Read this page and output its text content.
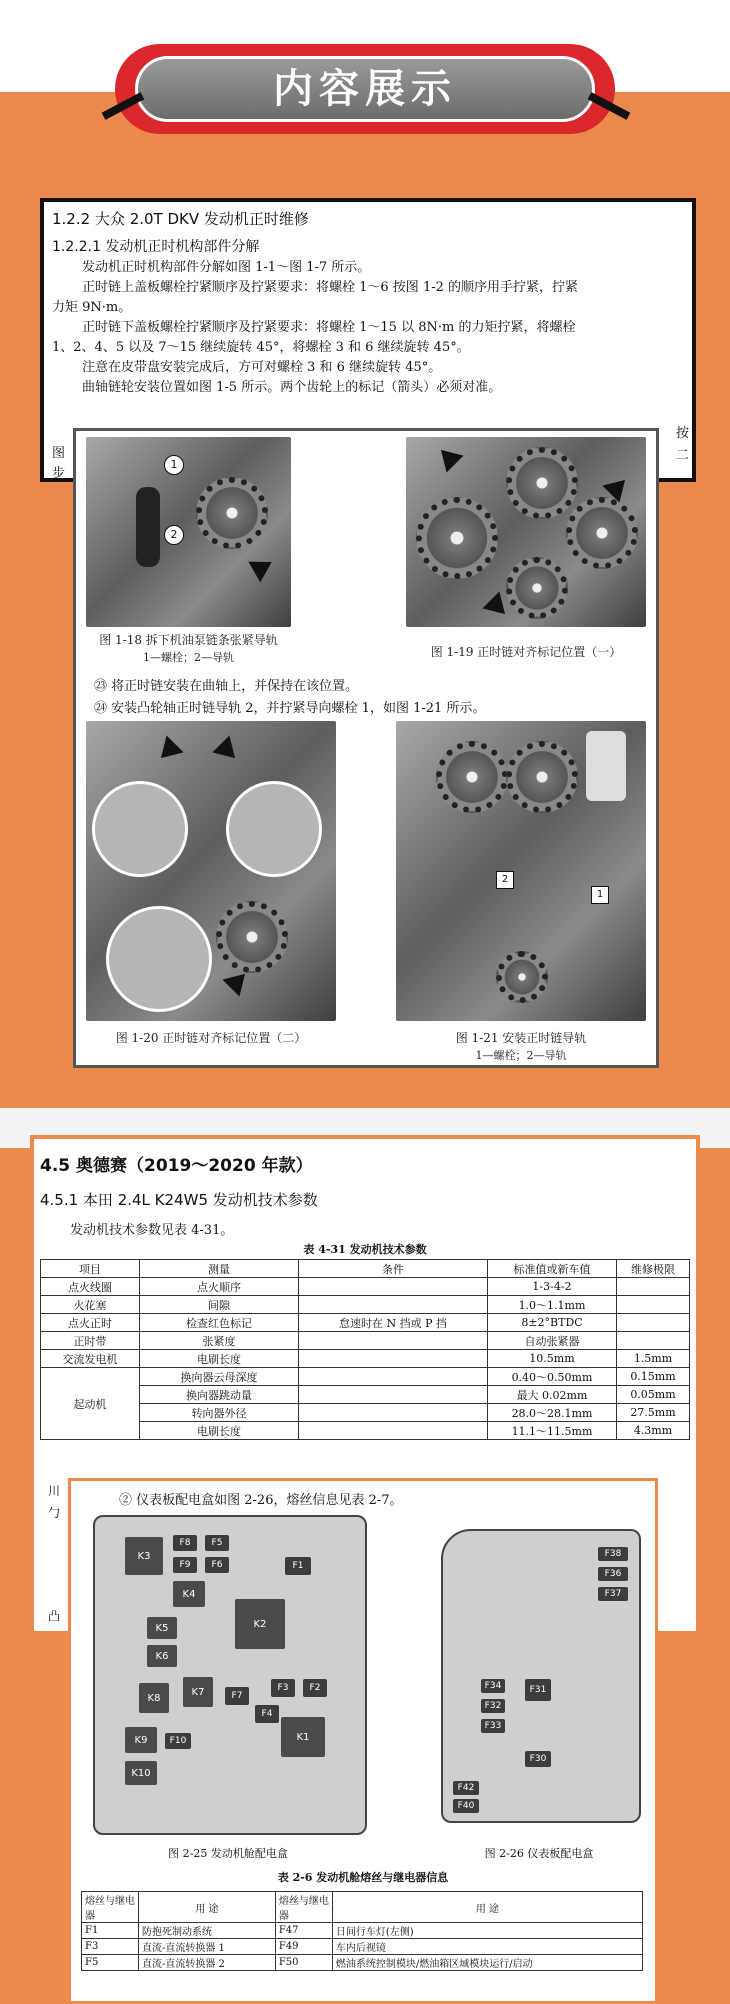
内容展示
1.2.2 大众 2.0T DKV 发动机正时维修
1.2.2.1 发动机正时机构部件分解

发动机正时机构部件分解如图 1-1～图 1-7 所示。

正时链上盖板螺栓拧紧顺序及拧紧要求：将螺栓 1～6 按图 1-2 的顺序用手拧紧，拧紧

力矩 9N·m。

正时链下盖板螺栓拧紧顺序及拧紧要求：将螺栓 1～15 以 8N·m 的力矩拧紧，将螺栓

1、2、4、5 以及 7～15 继续旋转 45°，将螺栓 3 和 6 继续旋转 45°。

注意在皮带盘安装完成后，方可对螺栓 3 和 6 继续旋转 45°。

曲轴链轮安装位置如图 1-5 所示。两个齿轮上的标记（箭头）必须对准。

图
步
按
二
1
2
图 1-18 拆下机油泵链条张紧导轨
1—螺栓；2—导轨	图 1-19 正时链对齐标记位置（一）
㉓ 将正时链安装在曲轴上，并保持在该位置。
㉔ 安装凸轮轴正时链导轨 2，并拧紧导向螺栓 1，如图 1-21 所示。
图 1-20 正时链对齐标记位置（二）
2
1
图 1-21 安装正时链导轨
1—螺栓；2—导轨
4.5 奥德赛（2019～2020 年款）
4.5.1 本田 2.4L K24W5 发动机技术参数
发动机技术参数见表 4-31。
表 4-31 发动机技术参数
项目	测量	条件	标准值或新车值	维修极限
点火线圈	点火顺序		1-3-4-2	
火花塞	间隙		1.0～1.1mm	
点火正时	检查红色标记	怠速时在 N 挡或 P 挡	8±2°BTDC	
正时带	张紧度		自动张紧器	
交流发电机	电刷长度		10.5mm	1.5mm
起动机	换向器云母深度		0.40～0.50mm	0.15mm
	换向器跳动量		最大 0.02mm	0.05mm
	转向器外径		28.0～28.1mm	27.5mm
	电刷长度		11.1～11.5mm	4.3mm
川
勹
凸
② 仪表板配电盒如图 2-26，熔丝信息见表 2-7。
K3
F8
F9
F5
F6	F1
K4
K2
K5
K6
K7
K8	F7
F3	F2
F4
K9	F10	K1
K10
F38
F36
F37
F34
F32
F33
F31
F30
F42
F40
图 2-25 发动机舱配电盒	图 2-26 仪表板配电盒
表 2-6 发动机舱熔丝与继电器信息
熔丝与继电器	用 途	熔丝与继电器	用 途
F1	防抱死制动系统	F47	日间行车灯(左侧)
F3	直流-直流转换器 1	F49	车内后视镜
F5	直流-直流转换器 2	F50	燃油系统控制模块/燃油箱区域模块运行/启动
